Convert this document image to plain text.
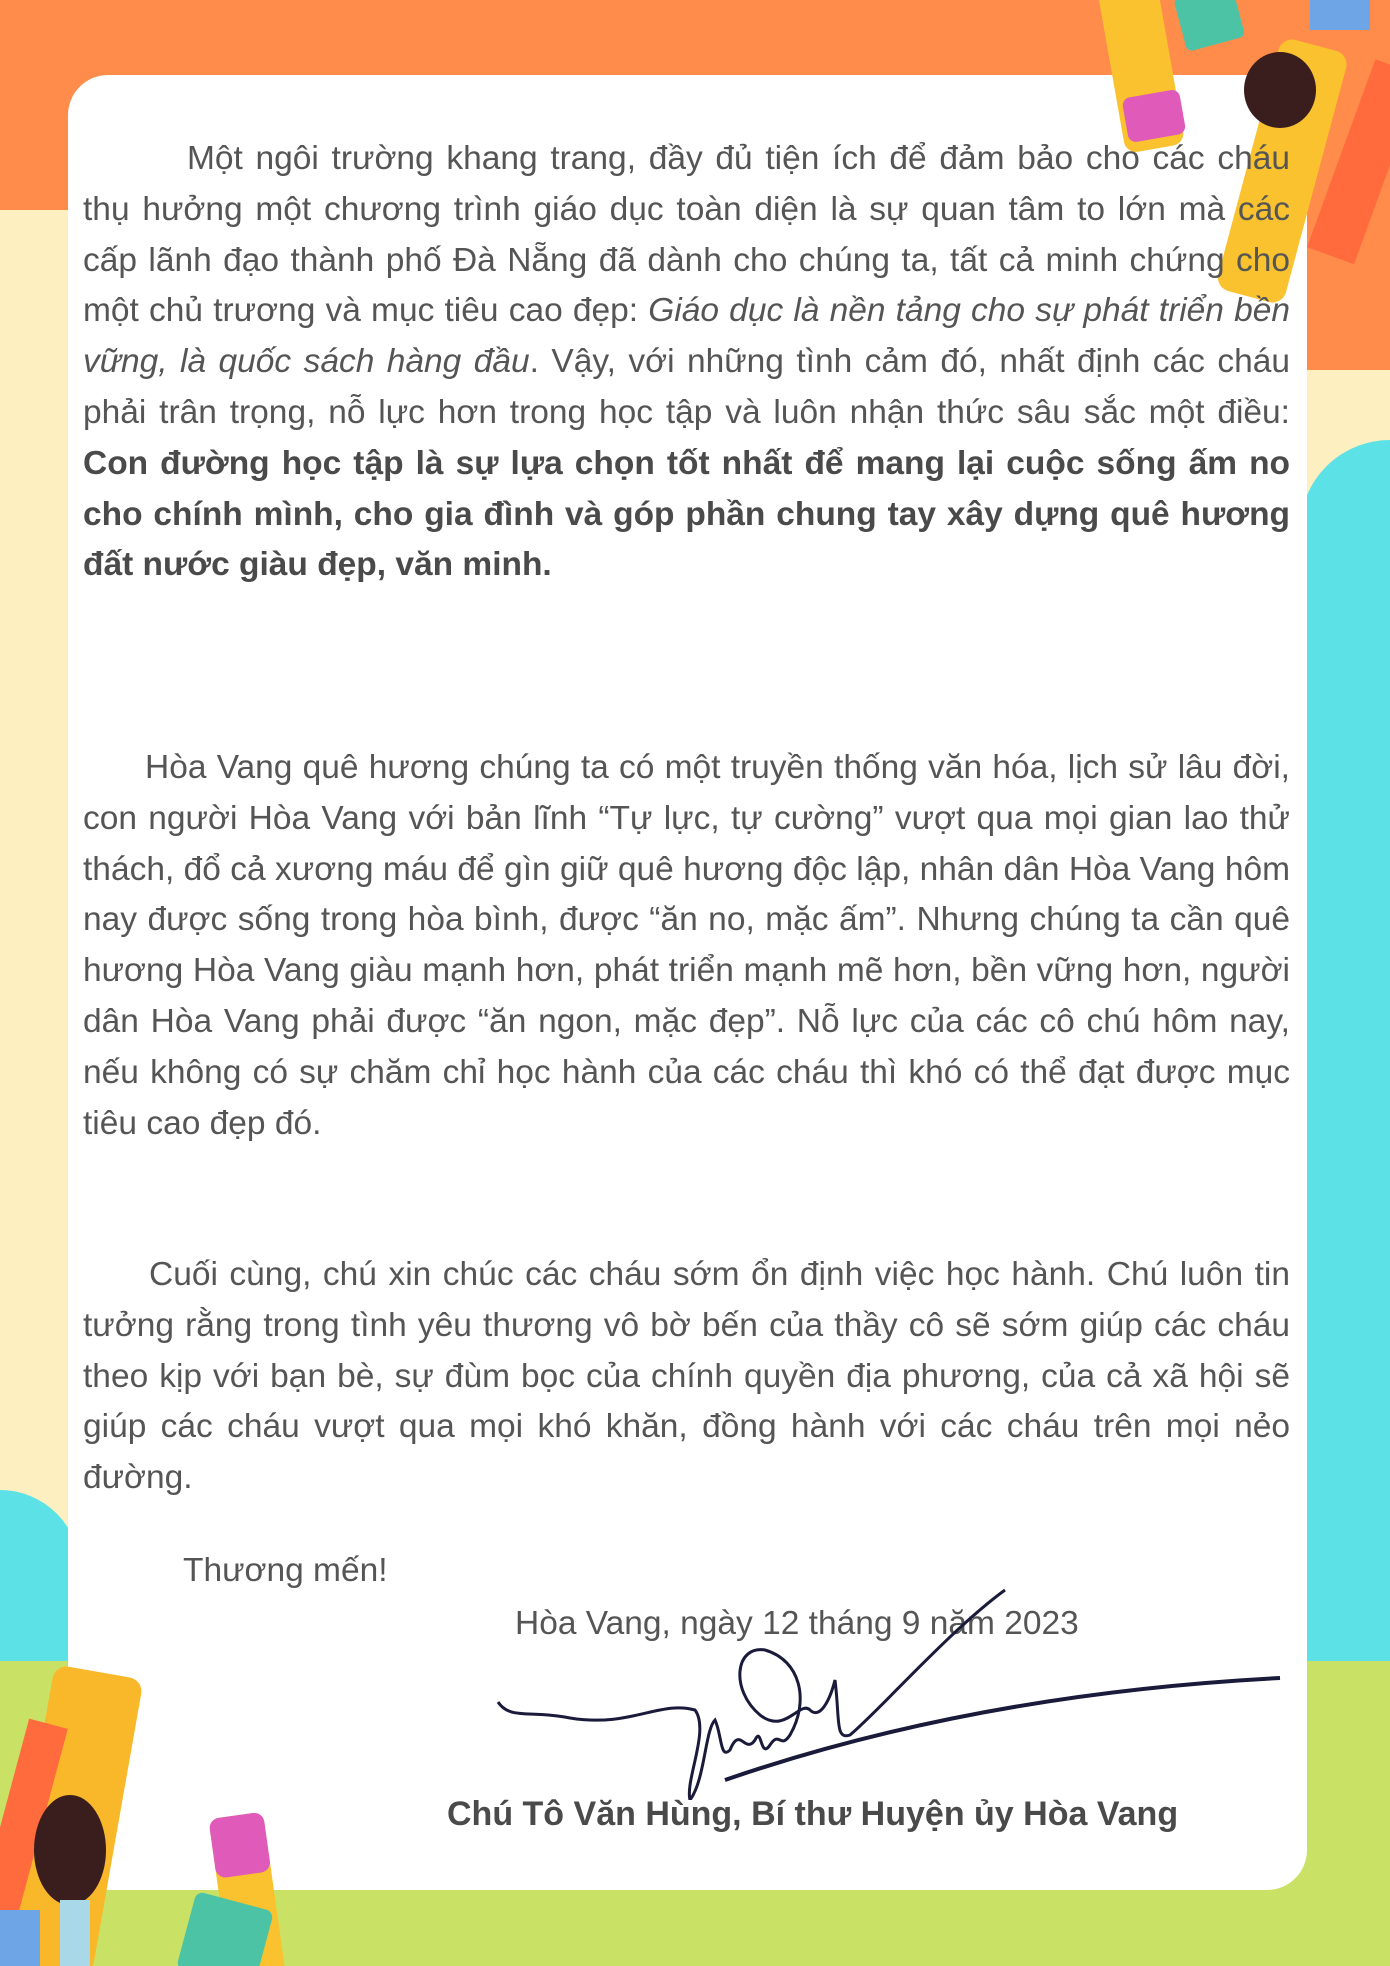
Một ngôi trường khang trang, đầy đủ tiện ích để đảm bảo cho các cháu thụ hưởng một chương trình giáo dục toàn diện là sự quan tâm to lớn mà các cấp lãnh đạo thành phố Đà Nẵng đã dành cho chúng ta, tất cả minh chứng cho một chủ trương và mục tiêu cao đẹp: Giáo dục là nền tảng cho sự phát triển bền vững, là quốc sách hàng đầu. Vậy, với những tình cảm đó, nhất định các cháu phải trân trọng, nỗ lực hơn trong học tập và luôn nhận thức sâu sắc một điều: Con đường học tập là sự lựa chọn tốt nhất để mang lại cuộc sống ấm no cho chính mình, cho gia đình và góp phần chung tay xây dựng quê hương đất nước giàu đẹp, văn minh.
Hòa Vang quê hương chúng ta có một truyền thống văn hóa, lịch sử lâu đời, con người Hòa Vang với bản lĩnh “Tự lực, tự cường” vượt qua mọi gian lao thử thách, đổ cả xương máu để gìn giữ quê hương độc lập, nhân dân Hòa Vang hôm nay được sống trong hòa bình, được “ăn no, mặc ấm”. Nhưng chúng ta cần quê hương Hòa Vang giàu mạnh hơn, phát triển mạnh mẽ hơn, bền vững hơn, người dân Hòa Vang phải được “ăn ngon, mặc đẹp”. Nỗ lực của các cô chú hôm nay, nếu không có sự chăm chỉ học hành của các cháu thì khó có thể đạt được mục tiêu cao đẹp đó.
Cuối cùng, chú xin chúc các cháu sớm ổn định việc học hành. Chú luôn tin tưởng rằng trong tình yêu thương vô bờ bến của thầy cô sẽ sớm giúp các cháu theo kịp với bạn bè, sự đùm bọc của chính quyền địa phương, của cả xã hội sẽ giúp các cháu vượt qua mọi khó khăn, đồng hành với các cháu trên mọi nẻo đường.
Thương mến!
Hòa Vang, ngày 12 tháng 9 năm 2023
Chú Tô Văn Hùng, Bí thư Huyện ủy Hòa Vang
